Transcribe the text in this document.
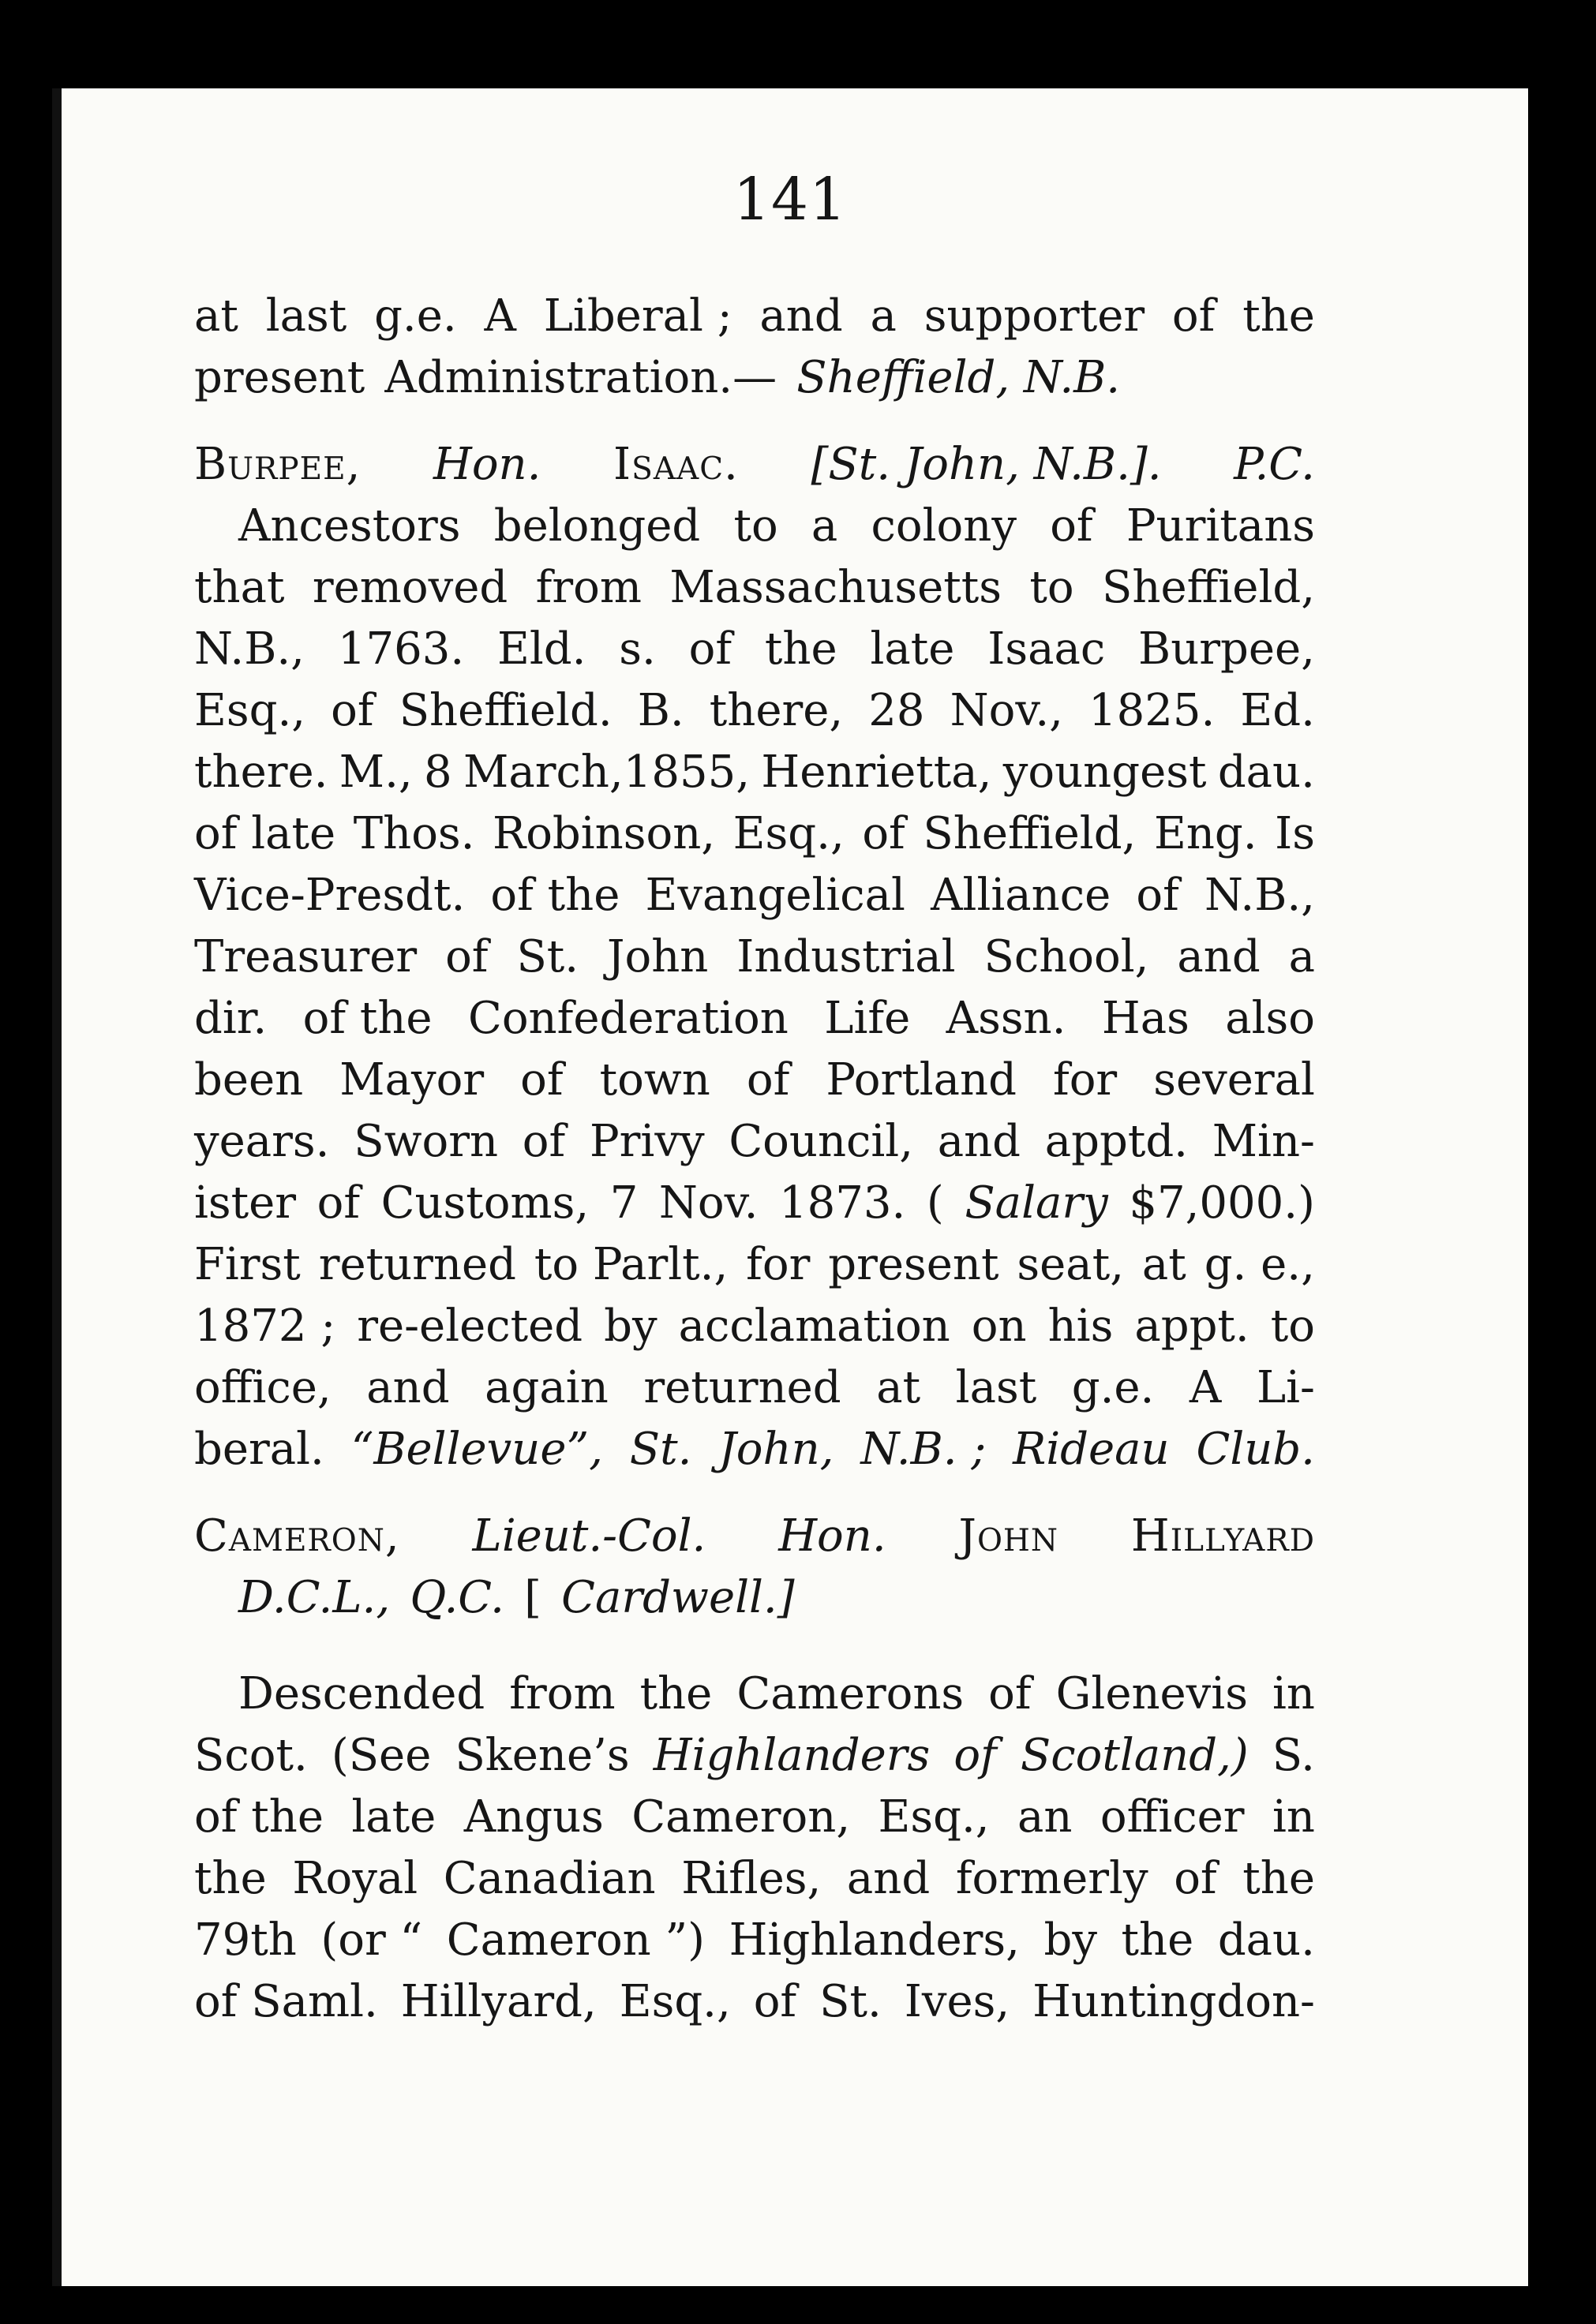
141
at last g.e. A Liberal ; and a supporter of the
present Administration.— Sheffield, N.B.
Burpee, Hon. Isaac. [St. John, N.B.]. P.C.
Ancestors belonged to a colony of Puritans
that removed from Massachusetts to Sheffield,
N.B., 1763. Eld. s. of the late Isaac Burpee,
Esq., of Sheffield. B. there, 28 Nov., 1825. Ed.
there. M., 8 March,1855, Henrietta, youngest dau.
of late Thos. Robinson, Esq., of Sheffield, Eng. Is
Vice-Presdt. of the Evangelical Alliance of N.B.,
Treasurer of St. John Industrial School, and a
dir. of the Confederation Life Assn. Has also
been Mayor of town of Portland for several
years. Sworn of Privy Council, and apptd. Min-
ister of Customs, 7 Nov. 1873. ( Salary $7,000.)
First returned to Parlt., for present seat, at g. e.,
1872 ; re-elected by acclamation on his appt. to
office, and again returned at last g.e. A Li-
beral. “Bellevue”, St. John, N.B. ; Rideau Club.
Cameron, Lieut.-Col. Hon. John Hillyard
D.C.L., Q.C. [ Cardwell.]
Descended from the Camerons of Glenevis in
Scot. (See Skene’s Highlanders of Scotland,) S.
of the late Angus Cameron, Esq., an officer in
the Royal Canadian Rifles, and formerly of the
79th (or “ Cameron ”) Highlanders, by the dau.
of Saml. Hillyard, Esq., of St. Ives, Huntingdon-
